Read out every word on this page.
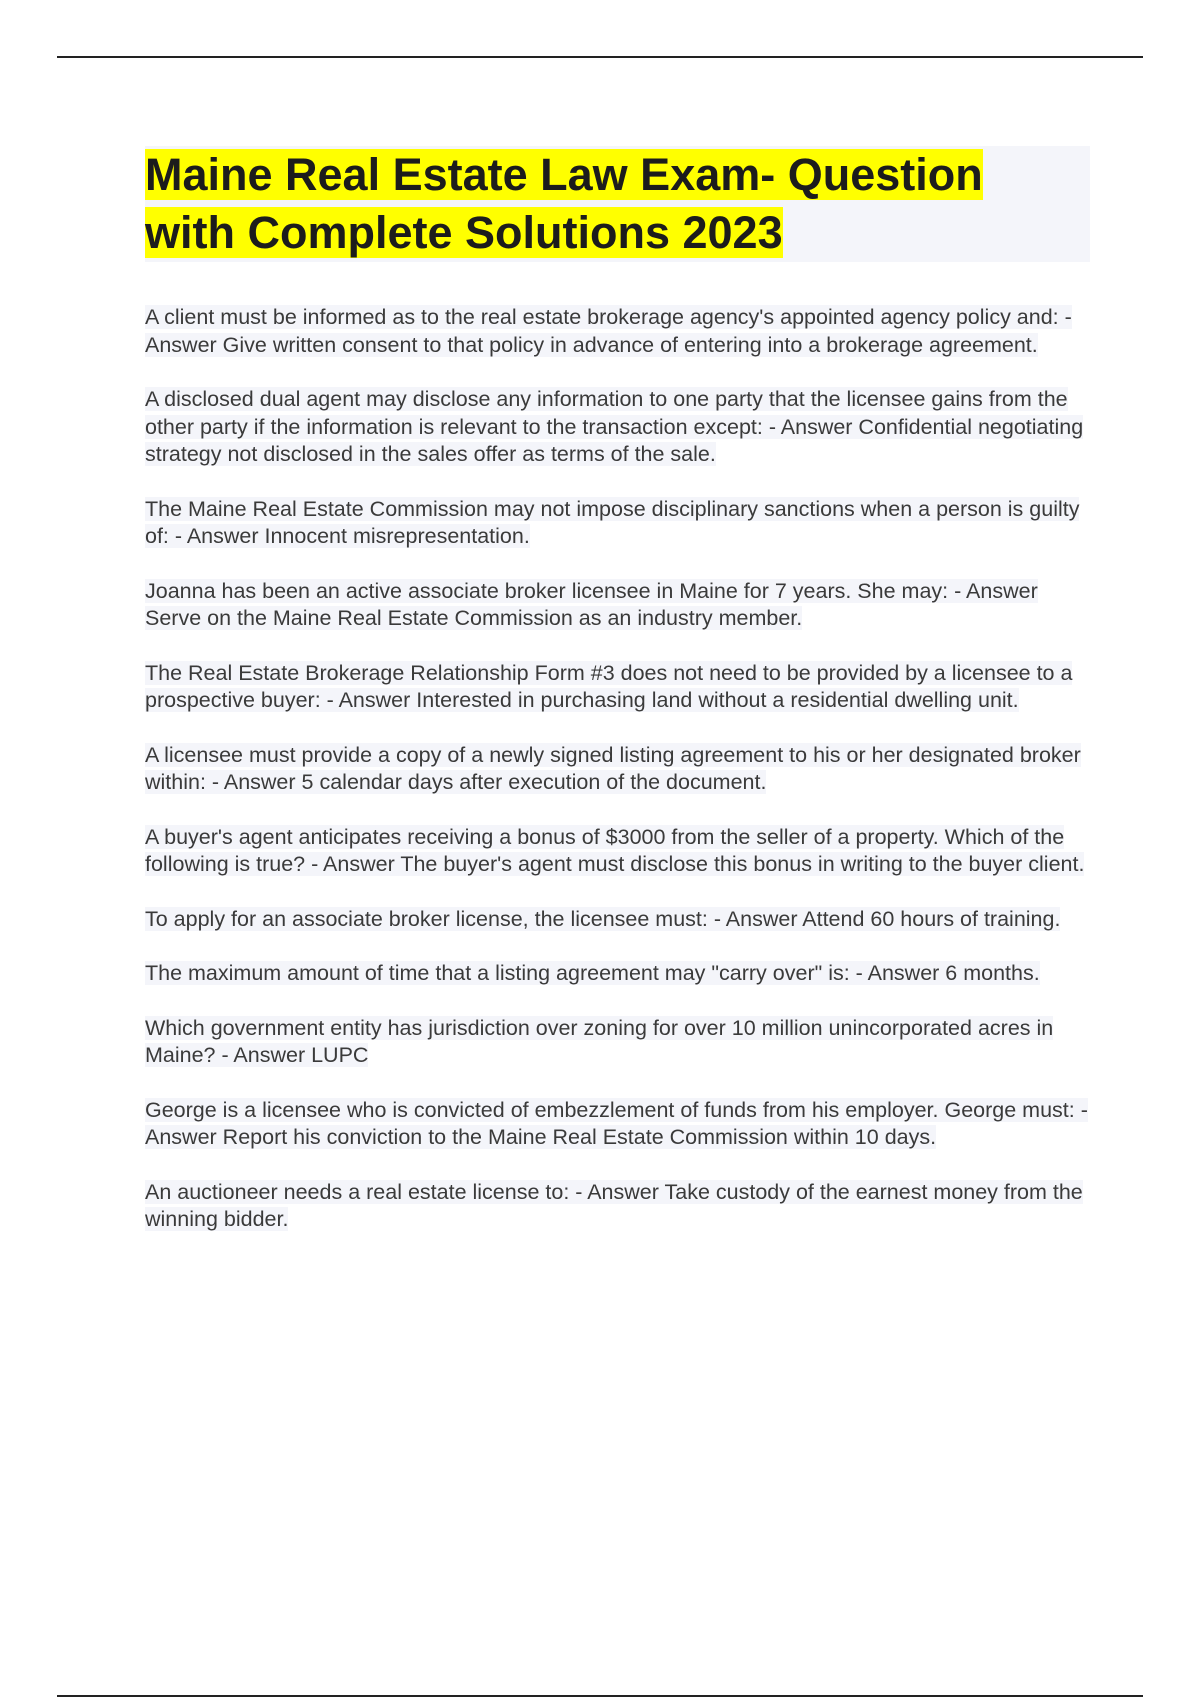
Maine Real Estate Law Exam- Question
with Complete Solutions 2023

A client must be informed as to the real estate brokerage agency's appointed agency policy and: - Answer Give written consent to that policy in advance of entering into a brokerage agreement.

A disclosed dual agent may disclose any information to one party that the licensee gains from the other party if the information is relevant to the transaction except: - Answer Confidential negotiating strategy not disclosed in the sales offer as terms of the sale.

The Maine Real Estate Commission may not impose disciplinary sanctions when a person is guilty of: - Answer Innocent misrepresentation.

Joanna has been an active associate broker licensee in Maine for 7 years. She may: - Answer Serve on the Maine Real Estate Commission as an industry member.

The Real Estate Brokerage Relationship Form #3 does not need to be provided by a licensee to a prospective buyer: - Answer Interested in purchasing land without a residential dwelling unit.

A licensee must provide a copy of a newly signed listing agreement to his or her designated broker within: - Answer 5 calendar days after execution of the document.

A buyer's agent anticipates receiving a bonus of $3000 from the seller of a property. Which of the following is true? - Answer The buyer's agent must disclose this bonus in writing to the buyer client.

To apply for an associate broker license, the licensee must: - Answer Attend 60 hours of training.

The maximum amount of time that a listing agreement may "carry over" is: - Answer 6 months.

Which government entity has jurisdiction over zoning for over 10 million unincorporated acres in Maine? - Answer LUPC

George is a licensee who is convicted of embezzlement of funds from his employer. George must: - Answer Report his conviction to the Maine Real Estate Commission within 10 days.

An auctioneer needs a real estate license to: - Answer Take custody of the earnest money from the winning bidder.
